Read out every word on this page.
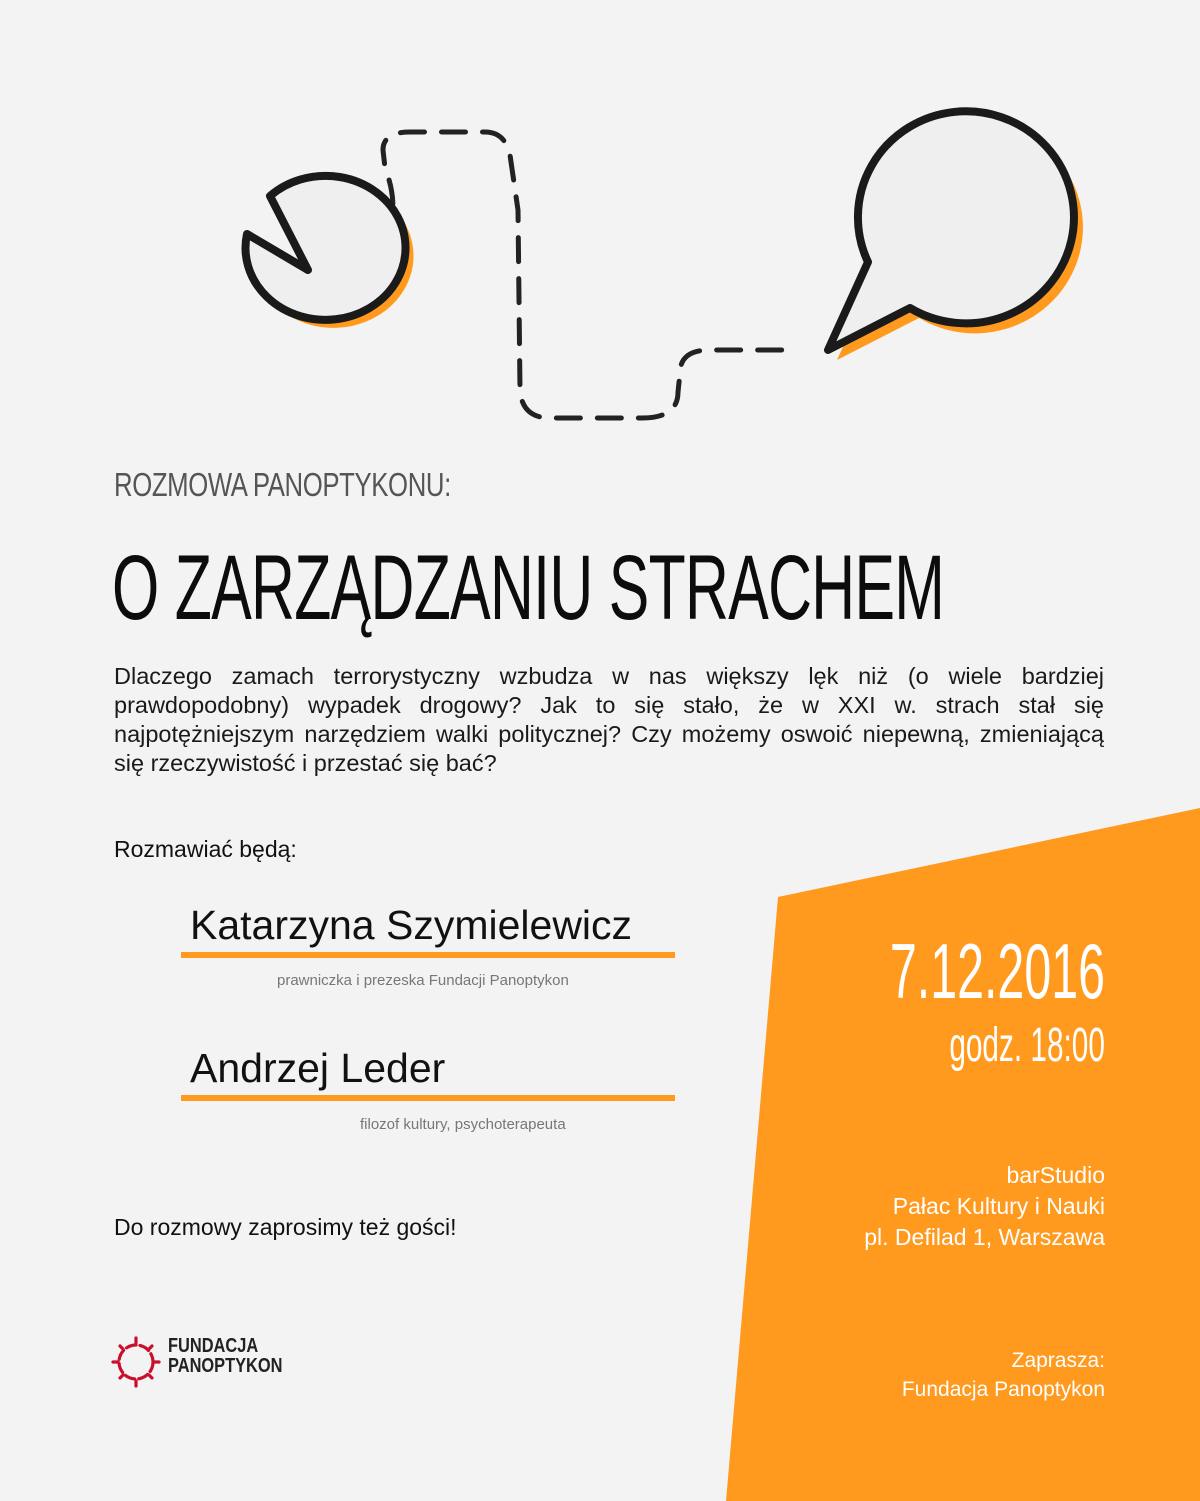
ROZMOWA PANOPTYKONU:
O ZARZĄDZANIU STRACHEM
Dlaczego zamach terrorystyczny wzbudza w nas większy lęk niż (o wiele bardziej prawdopodobny) wypadek drogowy? Jak to się stało, że w XXI w. strach stał się najpotężniejszym narzędziem walki politycznej? Czy możemy oswoić niepewną, zmieniającą się rzeczywistość i przestać się bać?
Rozmawiać będą:
Katarzyna Szymielewicz
prawniczka i prezeska Fundacji Panoptykon
Andrzej Leder
filozof kultury, psychoterapeuta
Do rozmowy zaprosimy też gości!
7.12.2016
godz. 18:00
barStudio
Pałac Kultury i Nauki
pl. Defilad 1, Warszawa
Zaprasza:
Fundacja Panoptykon
FUNDACJA
PANOPTYKON
